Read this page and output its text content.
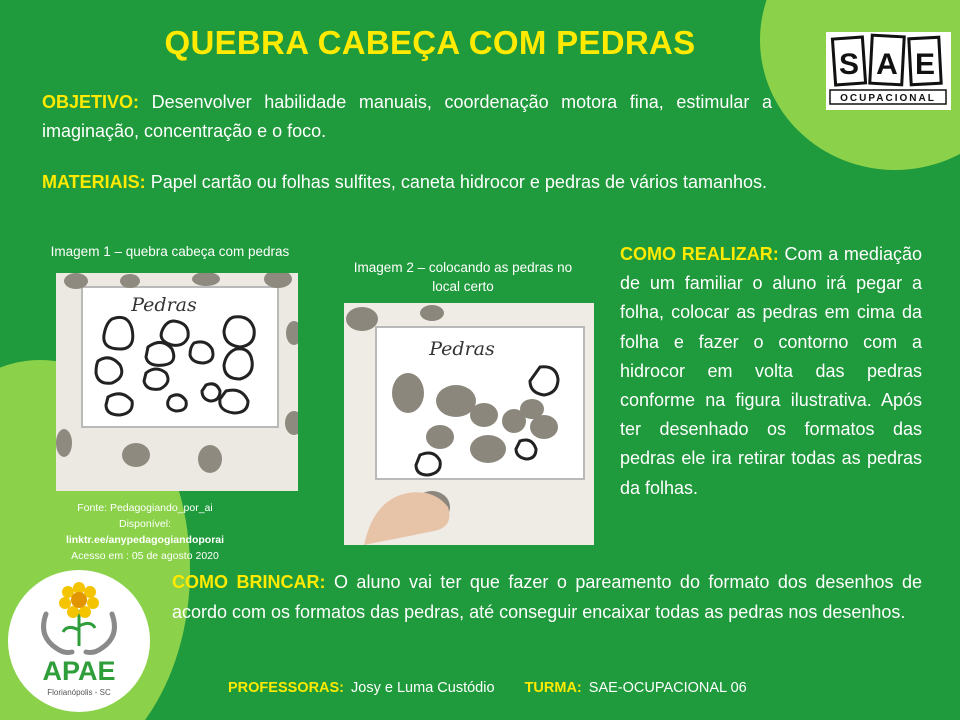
QUEBRA CABEÇA COM PEDRAS
S A E
OCUPACIONAL

OBJETIVO: Desenvolver habilidade manuais, coordenação motora fina, estimular a imaginação, concentração e o foco.

MATERIAIS: Papel cartão ou folhas sulfites, caneta hidrocor e pedras de vários tamanhos.

Imagem 1 – quebra cabeça com pedras
Pedras
Imagem 2 – colocando as pedras no local certo
Pedras
Fonte: Pedagogiando_por_ai
Disponível:
linktr.ee/anypedagogiandoporai
Acesso em : 05 de agosto 2020

COMO REALIZAR: Com a mediação de um familiar o aluno irá pegar a folha, colocar as pedras em cima da folha e fazer o contorno com a hidrocor em volta das pedras conforme na figura ilustrativa. Após ter desenhado os formatos das pedras ele ira retirar todas as pedras da folhas.

COMO BRINCAR: O aluno vai ter que fazer o pareamento do formato dos desenhos de acordo com os formatos das pedras, até conseguir encaixar todas as pedras nos desenhos.

APAE
Florianópolis - SC	PROFESSORAS: Josy e Luma Custódio TURMA: SAE-OCUPACIONAL 06
